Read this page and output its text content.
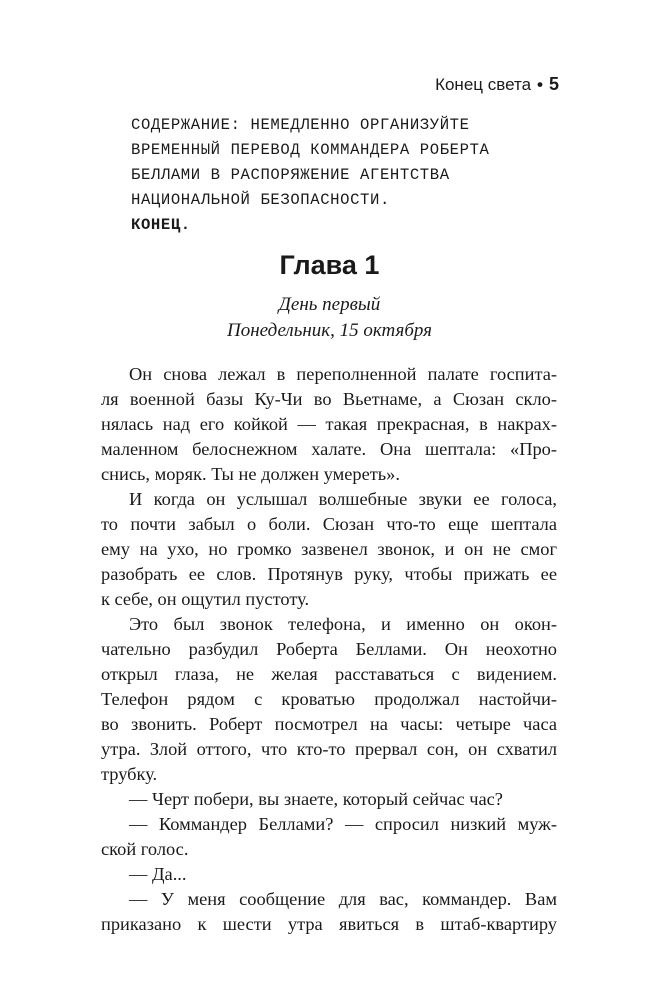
Конец света • 5
СОДЕРЖАНИЕ: НЕМЕДЛЕННО ОРГАНИЗУЙТЕ
ВРЕМЕННЫЙ ПЕРЕВОД КОММАНДЕРА РОБЕРТА
БЕЛЛАМИ В РАСПОРЯЖЕНИЕ АГЕНТСТВА
НАЦИОНАЛЬНОЙ БЕЗОПАСНОСТИ.
КОНЕЦ.
Глава 1
День первый
Понедельник, 15 октября
Он снова лежал в переполненной палате госпита-
ля военной базы Ку-Чи во Вьетнаме, а Сюзан скло-
нялась над его койкой — такая прекрасная, в накрах-
маленном белоснежном халате. Она шептала: «Про-
снись, моряк. Ты не должен умереть».
И когда он услышал волшебные звуки ее голоса,
то почти забыл о боли. Сюзан что-то еще шептала
ему на ухо, но громко зазвенел звонок, и он не смог
разобрать ее слов. Протянув руку, чтобы прижать ее
к себе, он ощутил пустоту.
Это был звонок телефона, и именно он окон-
чательно разбудил Роберта Беллами. Он неохотно
открыл глаза, не желая расставаться с видением.
Телефон рядом с кроватью продолжал настойчи-
во звонить. Роберт посмотрел на часы: четыре часа
утра. Злой оттого, что кто-то прервал сон, он схватил
трубку.
— Черт побери, вы знаете, который сейчас час?
— Коммандер Беллами? — спросил низкий муж-
ской голос.
— Да...
— У меня сообщение для вас, коммандер. Вам
приказано к шести утра явиться в штаб-квартиру
